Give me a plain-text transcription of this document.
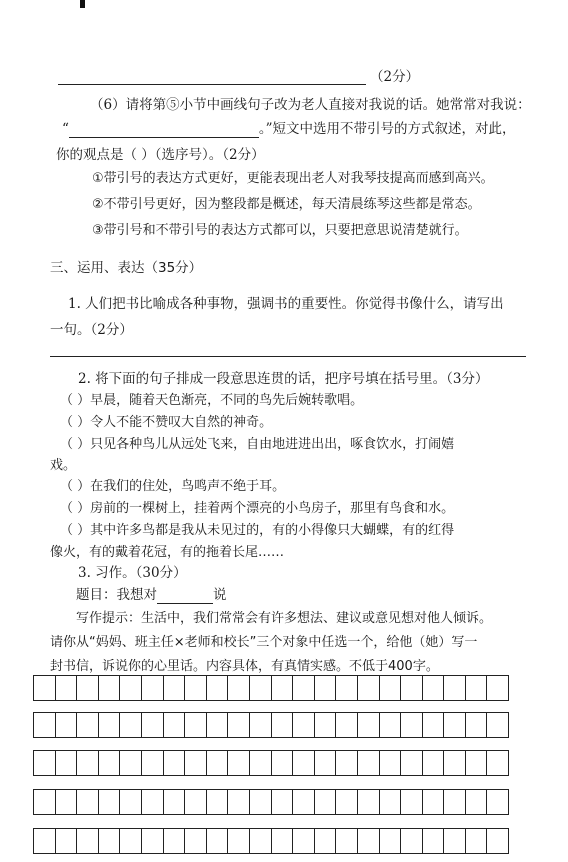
（2分）
（6）请将第⑤小节中画线句子改为老人直接对我说的话。她常常对我说：
“	。”短文中选用不带引号的方式叙述，对此，
你的观点是（ ）（选序号）。（2分）
①带引号的表达方式更好，更能表现出老人对我琴技提高而感到高兴。
②不带引号更好，因为整段都是概述，每天清晨练琴这些都是常态。
③带引号和不带引号的表达方式都可以，只要把意思说清楚就行。
三、运用、表达（35分）
1. 人们把书比喻成各种事物，强调书的重要性。你觉得书像什么，请写出
一句。（2分）
2. 将下面的句子排成一段意思连贯的话，把序号填在括号里。（3分）
（ ）早晨，随着天色渐亮，不同的鸟先后婉转歌唱。
（ ）令人不能不赞叹大自然的神奇。
（ ）只见各种鸟儿从远处飞来，自由地进进出出，啄食饮水，打闹嬉
戏。
（ ）在我们的住处，鸟鸣声不绝于耳。
（ ）房前的一棵树上，挂着两个漂亮的小鸟房子，那里有鸟食和水。
（ ）其中许多鸟都是我从未见过的，有的小得像只大蝴蝶，有的红得
像火，有的戴着花冠，有的拖着长尾……
3. 习作。（30分）
题目：我想对	说
写作提示：生活中，我们常常会有许多想法、建议或意见想对他人倾诉。
请你从“妈妈、班主任×老师和校长”三个对象中任选一个，给他（她）写一
封书信，诉说你的心里话。内容具体，有真情实感。不低于400字。
